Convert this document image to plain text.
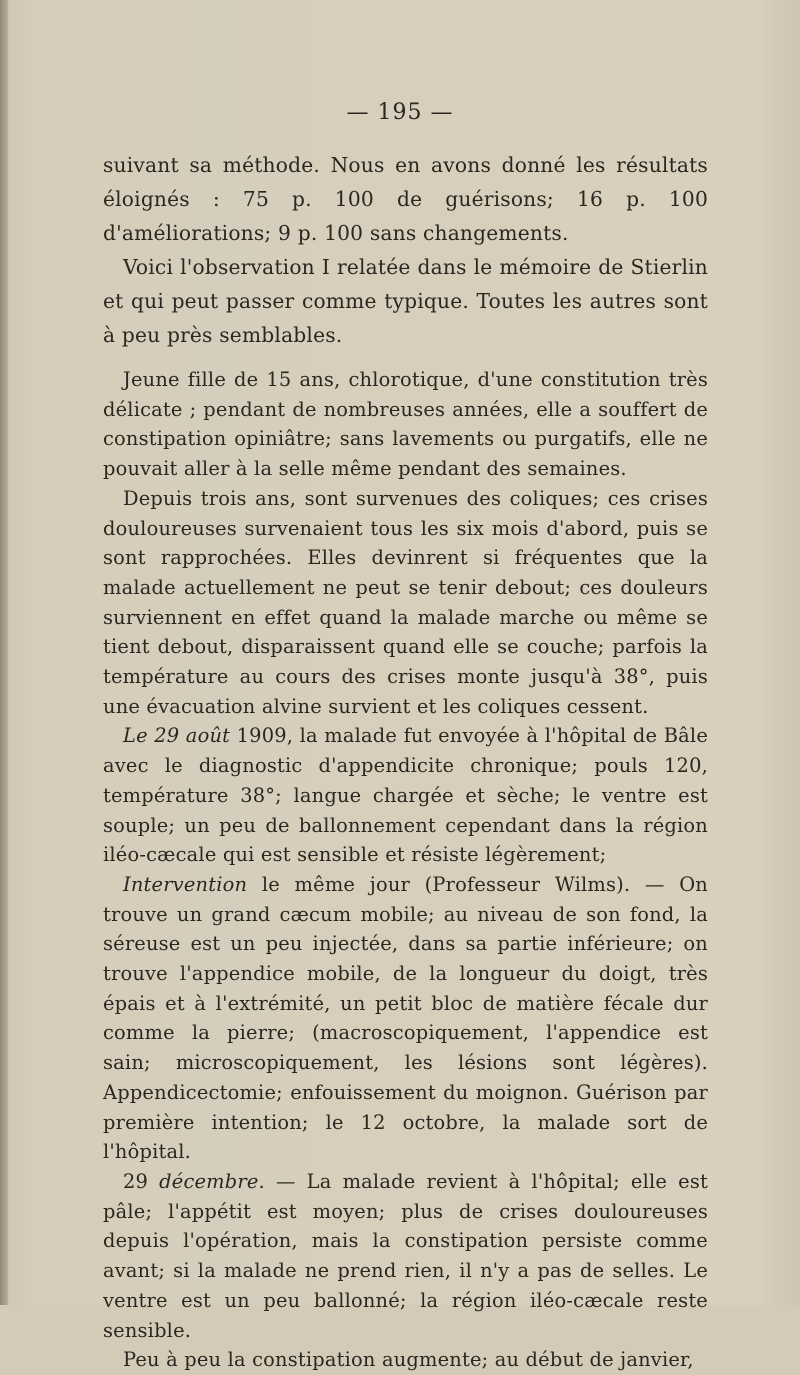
— 195 —

suivant sa méthode. Nous en avons donné les résultats éloignés : 75 p. 100 de guérisons; 16 p. 100 d'améliorations; 9 p. 100 sans changements.

Voici l'observation I relatée dans le mémoire de Stierlin et qui peut passer comme typique. Toutes les autres sont à peu près semblables.

Jeune fille de 15 ans, chlorotique, d'une constitution très délicate ; pendant de nombreuses années, elle a souffert de constipation opiniâtre; sans lavements ou purgatifs, elle ne pouvait aller à la selle même pendant des semaines.

Depuis trois ans, sont survenues des coliques; ces crises douloureuses survenaient tous les six mois d'abord, puis se sont rapprochées. Elles devinrent si fréquentes que la malade actuellement ne peut se tenir debout; ces douleurs surviennent en effet quand la malade marche ou même se tient debout, disparaissent quand elle se couche; parfois la température au cours des crises monte jusqu'à 38°, puis une évacuation alvine survient et les coliques cessent.

Le 29 août 1909, la malade fut envoyée à l'hôpital de Bâle avec le diagnostic d'appendicite chronique; pouls 120, température 38°; langue chargée et sèche; le ventre est souple; un peu de ballonnement cependant dans la région iléo-cæcale qui est sensible et résiste légèrement;

Intervention le même jour (Professeur Wilms). — On trouve un grand cæcum mobile; au niveau de son fond, la séreuse est un peu injectée, dans sa partie inférieure; on trouve l'appendice mobile, de la longueur du doigt, très épais et à l'extrémité, un petit bloc de matière fécale dur comme la pierre; (macroscopiquement, l'appendice est sain; microscopiquement, les lésions sont légères). Appendicectomie; enfouissement du moignon. Guérison par première intention; le 12 octobre, la malade sort de l'hôpital.

29 décembre. — La malade revient à l'hôpital; elle est pâle; l'appétit est moyen; plus de crises douloureuses depuis l'opération, mais la constipation persiste comme avant; si la malade ne prend rien, il n'y a pas de selles. Le ventre est un peu ballonné; la région iléo-cæcale reste sensible.

Peu à peu la constipation augmente; au début de janvier,
